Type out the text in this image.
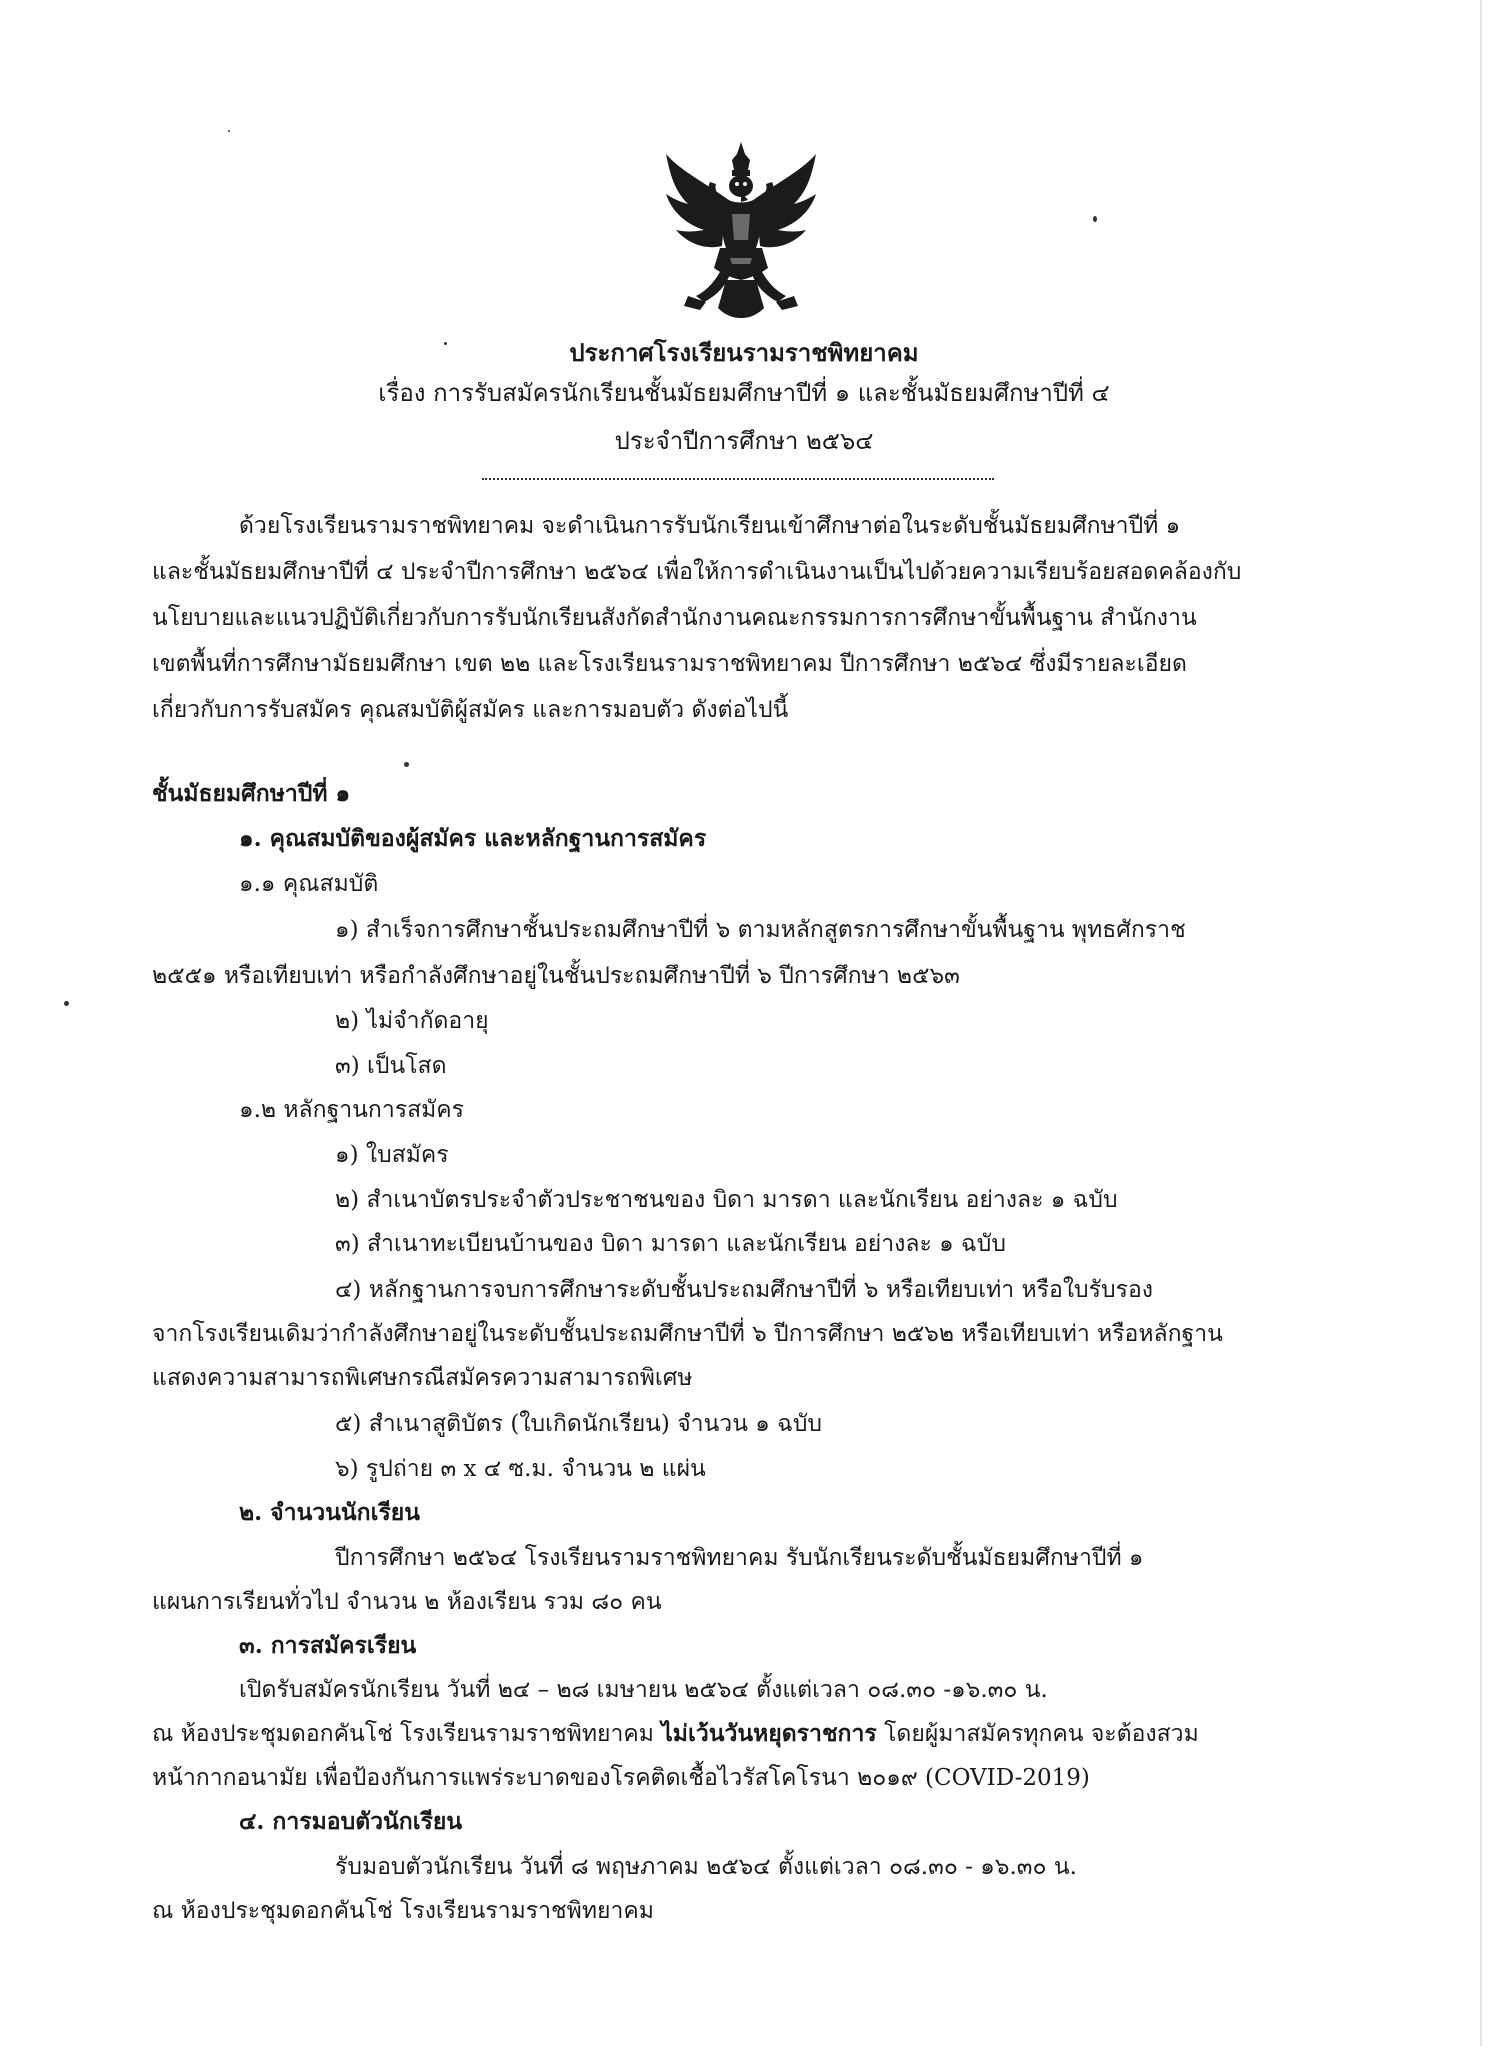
ประกาศโรงเรียนรามราชพิทยาคม
เรื่อง การรับสมัครนักเรียนชั้นมัธยมศึกษาปีที่ ๑ และชั้นมัธยมศึกษาปีที่ ๔
ประจำปีการศึกษา ๒๕๖๔
ด้วยโรงเรียนรามราชพิทยาคม จะดำเนินการรับนักเรียนเข้าศึกษาต่อในระดับชั้นมัธยมศึกษาปีที่ ๑
และชั้นมัธยมศึกษาปีที่ ๔ ประจำปีการศึกษา ๒๕๖๔ เพื่อให้การดำเนินงานเป็นไปด้วยความเรียบร้อยสอดคล้องกับ
นโยบายและแนวปฏิบัติเกี่ยวกับการรับนักเรียนสังกัดสำนักงานคณะกรรมการการศึกษาขั้นพื้นฐาน สำนักงาน
เขตพื้นที่การศึกษามัธยมศึกษา เขต ๒๒ และโรงเรียนรามราชพิทยาคม ปีการศึกษา ๒๕๖๔ ซึ่งมีรายละเอียด
เกี่ยวกับการรับสมัคร คุณสมบัติผู้สมัคร และการมอบตัว ดังต่อไปนี้
ชั้นมัธยมศึกษาปีที่ ๑
๑. คุณสมบัติของผู้สมัคร และหลักฐานการสมัคร
๑.๑ คุณสมบัติ
๑) สำเร็จการศึกษาชั้นประถมศึกษาปีที่ ๖ ตามหลักสูตรการศึกษาขั้นพื้นฐาน พุทธศักราช
๒๕๕๑ หรือเทียบเท่า หรือกำลังศึกษาอยู่ในชั้นประถมศึกษาปีที่ ๖ ปีการศึกษา ๒๕๖๓
๒) ไม่จำกัดอายุ
๓) เป็นโสด
๑.๒ หลักฐานการสมัคร
๑) ใบสมัคร
๒) สำเนาบัตรประจำตัวประชาชนของ บิดา มารดา และนักเรียน อย่างละ ๑ ฉบับ
๓) สำเนาทะเบียนบ้านของ บิดา มารดา และนักเรียน อย่างละ ๑ ฉบับ
๔) หลักฐานการจบการศึกษาระดับชั้นประถมศึกษาปีที่ ๖ หรือเทียบเท่า หรือใบรับรอง
จากโรงเรียนเดิมว่ากำลังศึกษาอยู่ในระดับชั้นประถมศึกษาปีที่ ๖ ปีการศึกษา ๒๕๖๒ หรือเทียบเท่า หรือหลักฐาน
แสดงความสามารถพิเศษกรณีสมัครความสามารถพิเศษ
๕) สำเนาสูติบัตร (ใบเกิดนักเรียน) จำนวน ๑ ฉบับ
๖) รูปถ่าย ๓ x ๔ ซ.ม. จำนวน ๒ แผ่น
๒. จำนวนนักเรียน
ปีการศึกษา ๒๕๖๔ โรงเรียนรามราชพิทยาคม รับนักเรียนระดับชั้นมัธยมศึกษาปีที่ ๑
แผนการเรียนทั่วไป จำนวน ๒ ห้องเรียน รวม ๘๐ คน
๓. การสมัครเรียน
เปิดรับสมัครนักเรียน วันที่ ๒๔ – ๒๘ เมษายน ๒๕๖๔ ตั้งแต่เวลา ๐๘.๓๐ -๑๖.๓๐ น.
ณ ห้องประชุมดอกคันโช่ โรงเรียนรามราชพิทยาคม ไม่เว้นวันหยุดราชการ โดยผู้มาสมัครทุกคน จะต้องสวม
หน้ากากอนามัย เพื่อป้องกันการแพร่ระบาดของโรคติดเชื้อไวรัสโคโรนา ๒๐๑๙ (COVID-2019)
๔. การมอบตัวนักเรียน
รับมอบตัวนักเรียน วันที่ ๘ พฤษภาคม ๒๕๖๔ ตั้งแต่เวลา ๐๘.๓๐ - ๑๖.๓๐ น.
ณ ห้องประชุมดอกคันโช่ โรงเรียนรามราชพิทยาคม
